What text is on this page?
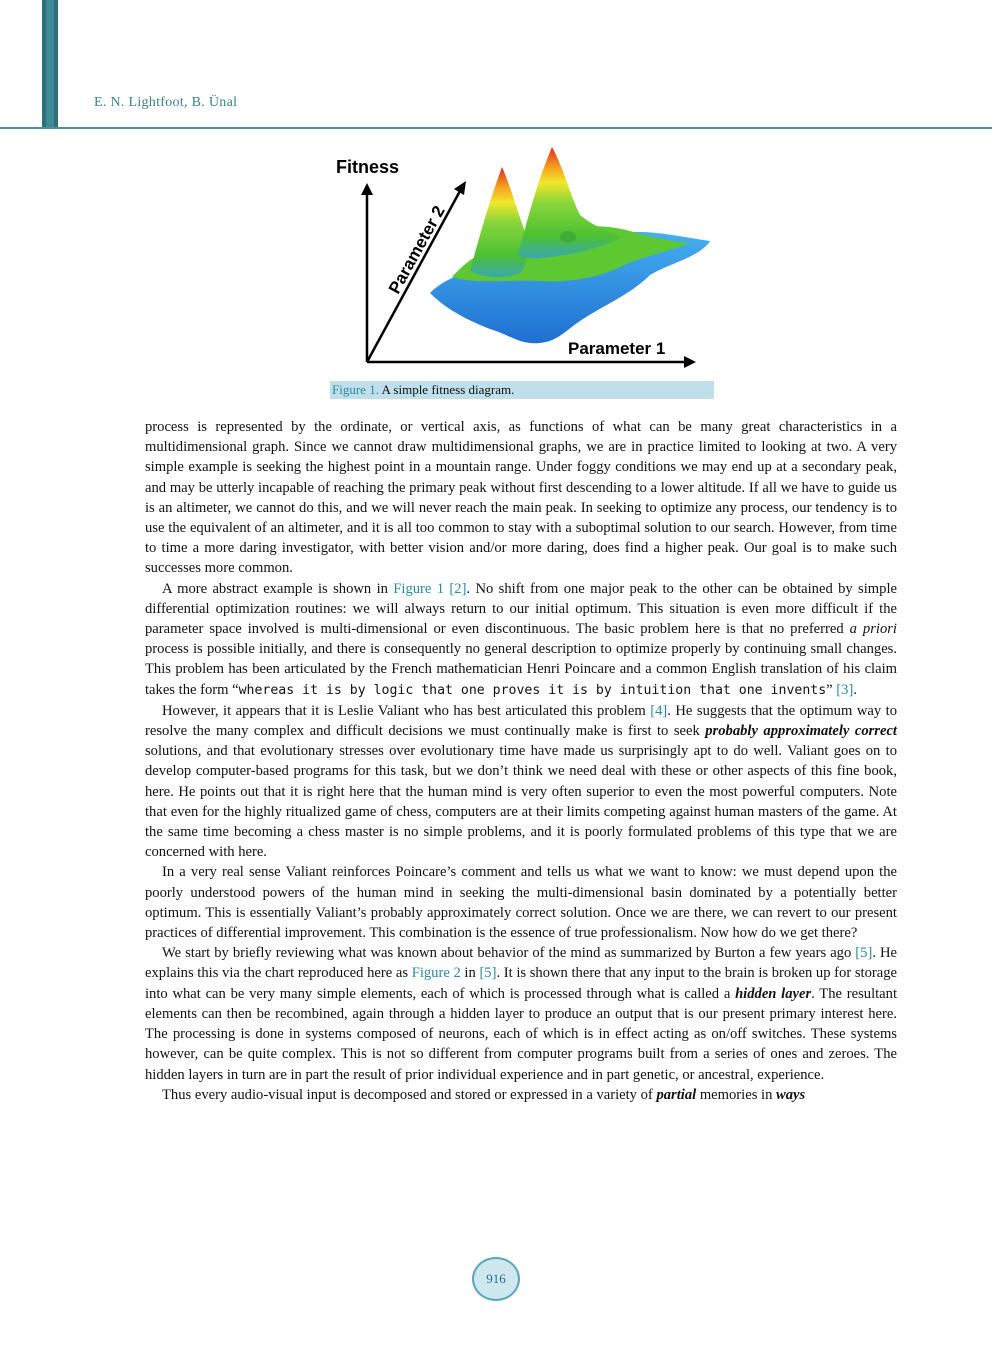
E. N. Lightfoot, B. Ünal
Fitness
Parameter 1
Parameter 2
Figure 1. A simple fitness diagram.

process is represented by the ordinate, or vertical axis, as functions of what can be many great characteristics in a multidimensional graph. Since we cannot draw multidimensional graphs, we are in practice limited to looking at two. A very simple example is seeking the highest point in a mountain range. Under foggy conditions we may end up at a secondary peak, and may be utterly incapable of reaching the primary peak without first descending to a lower altitude. If all we have to guide us is an altimeter, we cannot do this, and we will never reach the main peak. In seeking to optimize any process, our tendency is to use the equivalent of an altimeter, and it is all too common to stay with a suboptimal solution to our search. However, from time to time a more daring investigator, with better vision and/or more daring, does find a higher peak. Our goal is to make such successes more common.

A more abstract example is shown in Figure 1 [2]. No shift from one major peak to the other can be obtained by simple differential optimization routines: we will always return to our initial optimum. This situation is even more difficult if the parameter space involved is multi-dimensional or even discontinuous. The basic problem here is that no preferred a priori process is possible initially, and there is consequently no general description to optimize properly by continuing small changes. This problem has been articulated by the French mathematician Henri Poincare and a common English translation of his claim takes the form “whereas it is by logic that one proves it is by intuition that one invents” [3].

However, it appears that it is Leslie Valiant who has best articulated this problem [4]. He suggests that the optimum way to resolve the many complex and difficult decisions we must continually make is first to seek probably approximately correct solutions, and that evolutionary stresses over evolutionary time have made us surprisingly apt to do well. Valiant goes on to develop computer-based programs for this task, but we don’t think we need deal with these or other aspects of this fine book, here. He points out that it is right here that the human mind is very often superior to even the most powerful computers. Note that even for the highly ritualized game of chess, computers are at their limits competing against human masters of the game. At the same time becoming a chess master is no simple problems, and it is poorly formulated problems of this type that we are concerned with here.

In a very real sense Valiant reinforces Poincare’s comment and tells us what we want to know: we must depend upon the poorly understood powers of the human mind in seeking the multi-dimensional basin dominated by a potentially better optimum. This is essentially Valiant’s probably approximately correct solution. Once we are there, we can revert to our present practices of differential improvement. This combination is the essence of true professionalism. Now how do we get there?

We start by briefly reviewing what was known about behavior of the mind as summarized by Burton a few years ago [5]. He explains this via the chart reproduced here as Figure 2 in [5]. It is shown there that any input to the brain is broken up for storage into what can be very many simple elements, each of which is processed through what is called a hidden layer. The resultant elements can then be recombined, again through a hidden layer to produce an output that is our present primary interest here. The processing is done in systems composed of neurons, each of which is in effect acting as on/off switches. These systems however, can be quite complex. This is not so different from computer programs built from a series of ones and zeroes. The hidden layers in turn are in part the result of prior individual experience and in part genetic, or ancestral, experience.

Thus every audio-visual input is decomposed and stored or expressed in a variety of partial memories in ways

916
